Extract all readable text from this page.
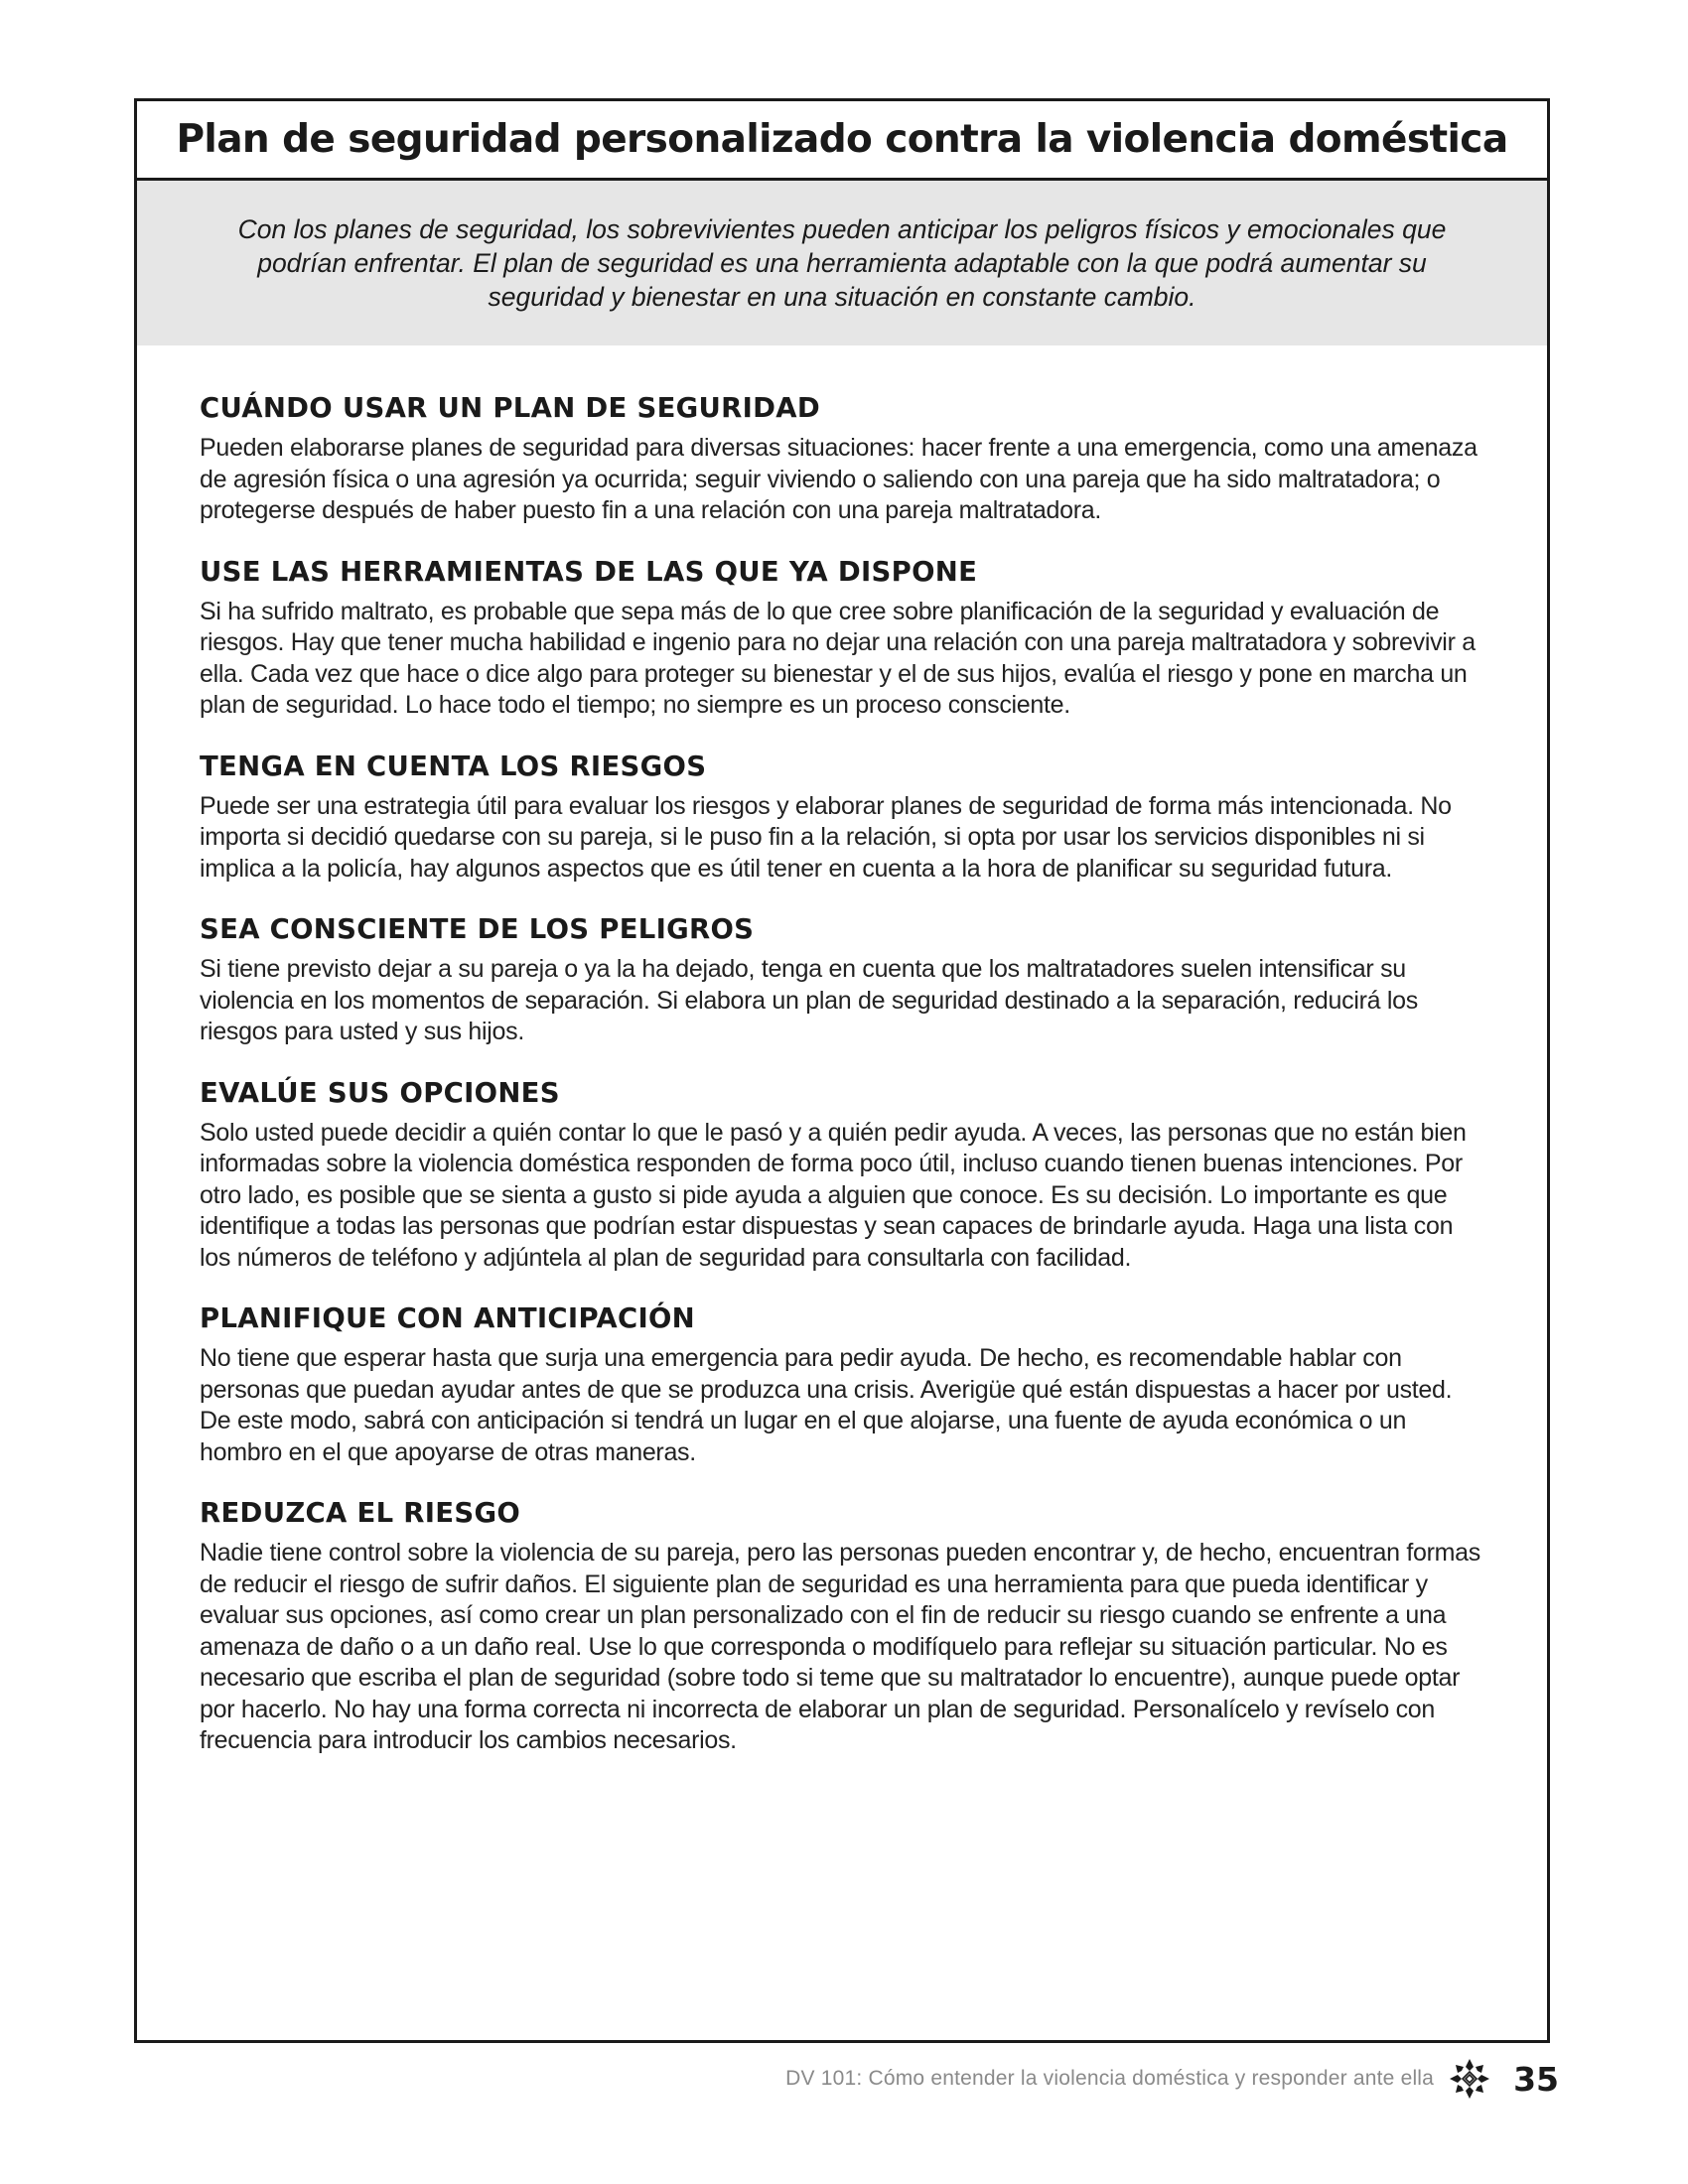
Plan de seguridad personalizado contra la violencia doméstica
Con los planes de seguridad, los sobrevivientes pueden anticipar los peligros físicos y emocionales que podrían enfrentar. El plan de seguridad es una herramienta adaptable con la que podrá aumentar su seguridad y bienestar en una situación en constante cambio.
CUÁNDO USAR UN PLAN DE SEGURIDAD

Pueden elaborarse planes de seguridad para diversas situaciones: hacer frente a una emergencia, como una amenaza de agresión física o una agresión ya ocurrida; seguir viviendo o saliendo con una pareja que ha sido maltratadora; o protegerse después de haber puesto fin a una relación con una pareja maltratadora.

USE LAS HERRAMIENTAS DE LAS QUE YA DISPONE

Si ha sufrido maltrato, es probable que sepa más de lo que cree sobre planificación de la seguridad y evaluación de riesgos. Hay que tener mucha habilidad e ingenio para no dejar una relación con una pareja maltratadora y sobrevivir a ella. Cada vez que hace o dice algo para proteger su bienestar y el de sus hijos, evalúa el riesgo y pone en marcha un plan de seguridad. Lo hace todo el tiempo; no siempre es un proceso consciente.

TENGA EN CUENTA LOS RIESGOS

Puede ser una estrategia útil para evaluar los riesgos y elaborar planes de seguridad de forma más intencionada. No importa si decidió quedarse con su pareja, si le puso fin a la relación, si opta por usar los servicios disponibles ni si implica a la policía, hay algunos aspectos que es útil tener en cuenta a la hora de planificar su seguridad futura.

SEA CONSCIENTE DE LOS PELIGROS

Si tiene previsto dejar a su pareja o ya la ha dejado, tenga en cuenta que los maltratadores suelen intensificar su violencia en los momentos de separación. Si elabora un plan de seguridad destinado a la separación, reducirá los riesgos para usted y sus hijos.

EVALÚE SUS OPCIONES

Solo usted puede decidir a quién contar lo que le pasó y a quién pedir ayuda. A veces, las personas que no están bien informadas sobre la violencia doméstica responden de forma poco útil, incluso cuando tienen buenas intenciones. Por otro lado, es posible que se sienta a gusto si pide ayuda a alguien que conoce. Es su decisión. Lo importante es que identifique a todas las personas que podrían estar dispuestas y sean capaces de brindarle ayuda. Haga una lista con los números de teléfono y adjúntela al plan de seguridad para consultarla con facilidad.

PLANIFIQUE CON ANTICIPACIÓN

No tiene que esperar hasta que surja una emergencia para pedir ayuda. De hecho, es recomendable hablar con personas que puedan ayudar antes de que se produzca una crisis. Averigüe qué están dispuestas a hacer por usted. De este modo, sabrá con anticipación si tendrá un lugar en el que alojarse, una fuente de ayuda económica o un hombro en el que apoyarse de otras maneras.

REDUZCA EL RIESGO

Nadie tiene control sobre la violencia de su pareja, pero las personas pueden encontrar y, de hecho, encuentran formas de reducir el riesgo de sufrir daños. El siguiente plan de seguridad es una herramienta para que pueda identificar y evaluar sus opciones, así como crear un plan personalizado con el fin de reducir su riesgo cuando se enfrente a una amenaza de daño o a un daño real. Use lo que corresponda o modifíquelo para reflejar su situación particular. No es necesario que escriba el plan de seguridad (sobre todo si teme que su maltratador lo encuentre), aunque puede optar por hacerlo. No hay una forma correcta ni incorrecta de elaborar un plan de seguridad. Personalícelo y revíselo con frecuencia para introducir los cambios necesarios.

DV 101: Cómo entender la violencia doméstica y responder ante ella 35
